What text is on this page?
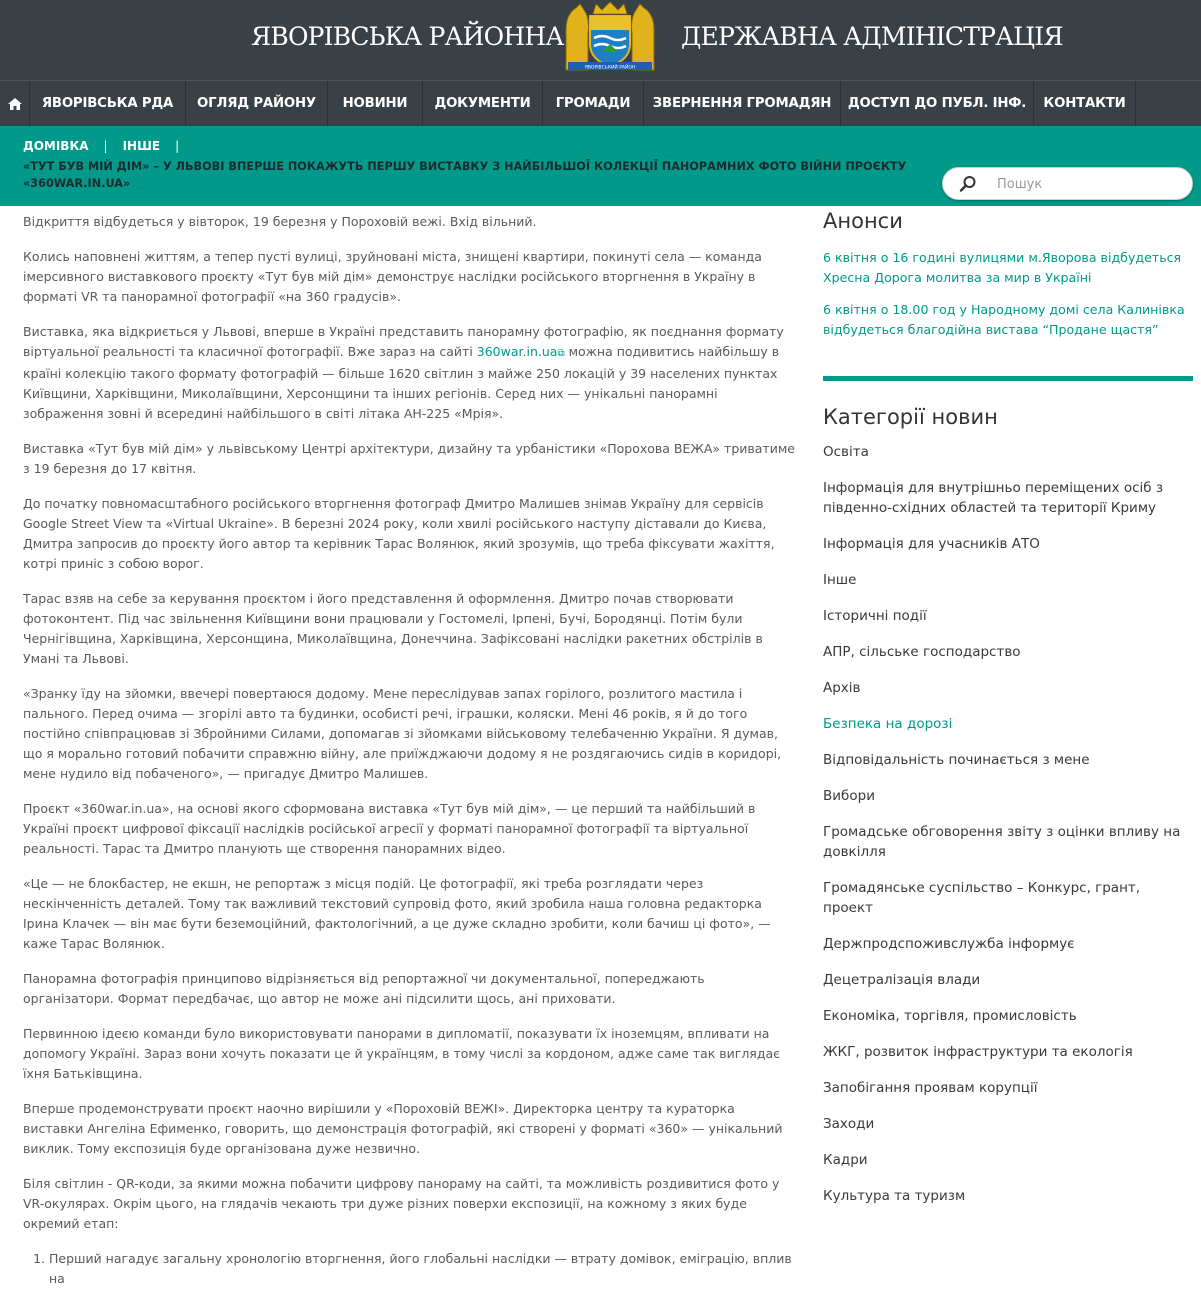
ЯВОРІВСЬКА РАЙОННА
ЯВОРІВСЬКИЙ РАЙОН
ДЕРЖАВНА АДМІНІСТРАЦІЯ
ЯВОРІВСЬКА РДА	ОГЛЯД РАЙОНУ	НОВИНИ	ДОКУМЕНТИ	ГРОМАДИ	ЗВЕРНЕННЯ ГРОМАДЯН	ДОСТУП ДО ПУБЛ. ІНФ.	КОНТАКТИ
ДОМІВКА | ІНШЕ |
«ТУТ БУВ МІЙ ДІМ» – У ЛЬВОВІ ВПЕРШЕ ПОКАЖУТЬ ПЕРШУ ВИСТАВКУ З НАЙБІЛЬШОЇ КОЛЕКЦІЇ ПАНОРАМНИХ ФОТО ВІЙНИ ПРОЄКТУ «360WAR.IN.UA»
Пошук

Відкриття відбудеться у вівторок, 19 березня у Пороховій вежі. Вхід вільний.

Колись наповнені життям, а тепер пусті вулиці, зруйновані міста, знищені квартири, покинуті села — команда імерсивного виставкового проєкту «Тут був мій дім» демонструє наслідки російського вторгнення в Україну в форматі VR та панорамної фотографії «на 360 градусів».

Виставка, яка відкриється у Львові, вперше в Україні представить панорамну фотографію, як поєднання формату віртуальної реальності та класичної фотографії. Вже зараз на сайті 360war.in.ua⧉ можна подивитись найбільшу в країні колекцію такого формату фотографій — більше 1620 світлин з майже 250 локацій у 39 населених пунктах Київщини, Харківщини, Миколаївщини, Херсонщини та інших регіонів. Серед них — унікальні панорамні зображення зовні й всередині найбільшого в світі літака АН-225 «Мрія».

Виставка «Тут був мій дім» у львівському Центрі архітектури, дизайну та урбаністики «Порохова ВЕЖА» триватиме з 19 березня до 17 квітня.

До початку повномасштабного російського вторгнення фотограф Дмитро Малишев знімав Україну для сервісів Google Street View та «Virtual Ukraine». В березні 2024 року, коли хвилі російського наступу діставали до Києва, Дмитра запросив до проєкту його автор та керівник Тарас Волянюк, який зрозумів, що треба фіксувати жахіття, котрі приніс з собою ворог.

Тарас взяв на себе за керування проєктом і його представлення й оформлення. Дмитро почав створювати фотоконтент. Під час звільнення Київщини вони працювали у Гостомелі, Ірпені, Бучі, Бородянці. Потім були Чернігівщина, Харківщина, Херсонщина, Миколаївщина, Донеччина. Зафіксовані наслідки ракетних обстрілів в Умані та Львові.

«Зранку їду на зйомки, ввечері повертаюся додому. Мене переслідував запах горілого, розлитого мастила і пального. Перед очима — згорілі авто та будинки, особисті речі, іграшки, коляски. Мені 46 років, я й до того постійно співпрацював зі Збройними Силами, допомагав зі зйомками військовому телебаченню України. Я думав, що я морально готовий побачити справжню війну, але приїжджаючи додому я не роздягаючись сидів в коридорі, мене нудило від побаченого», — пригадує Дмитро Малишев.

Проєкт «360war.in.ua», на основі якого сформована виставка «Тут був мій дім», — це перший та найбільший в Україні проєкт цифрової фіксації наслідків російської агресії у форматі панорамної фотографії та віртуальної реальності. Тарас та Дмитро планують ще створення панорамних відео.

«Це — не блокбастер, не екшн, не репортаж з місця подій. Це фотографії, які треба розглядати через нескінченність деталей. Тому так важливий текстовий супровід фото, який зробила наша головна редакторка Ірина Клачек — він має бути беземоційний, фактологічний, а це дуже складно зробити, коли бачиш ці фото», — каже Тарас Волянюк.

Панорамна фотографія принципово відрізняється від репортажної чи документальної, попереджають організатори. Формат передбачає, що автор не може ані підсилити щось, ані приховати.

Первинною ідеєю команди було використовувати панорами в дипломатії, показувати їх іноземцям, впливати на допомогу Україні. Зараз вони хочуть показати це й українцям, в тому числі за кордоном, адже саме так виглядає їхня Батьківщина.

Вперше продемонструвати проєкт наочно вирішили у «Пороховій ВЕЖІ». Директорка центру та кураторка виставки Ангеліна Ефименко, говорить, що демонстрація фотографій, які створені у форматі «360» — унікальний виклик. Тому експозиція буде організована дуже незвично.

Біля світлин - QR-коди, за якими можна побачити цифрову панораму на сайті, та можливість роздивитися фото у VR-окулярах. Окрім цього, на глядачів чекають три дуже різних поверхи експозиції, на кожному з яких буде окремий етап:

1. Перший нагадує загальну хронологію вторгнення, його глобальні наслідки — втрату домівок, еміграцію, вплив на
Анонси
6 квітня о 16 годині вулицями м.Яворова відбудеться Хресна Дорога молитва за мир в Україні
6 квітня о 18.00 год у Народному домі села Калинівка відбудеться благодійна вистава “Продане щастя”
Категорії новин
Освіта
Інформація для внутрішньо переміщених осіб з південно-східних областей та території Криму
Інформація для учасників АТО
Інше
Історичні події
АПР, сільське господарство
Архів
Безпека на дорозі
Відповідальність починається з мене
Вибори
Громадське обговорення звіту з оцінки впливу на довкілля
Громадянське суспільство – Конкурс, грант, проект
Держпродспоживслужба інформує
Децетралізація влади
Економіка, торгівля, промисловість
ЖКГ, розвиток інфраструктури та екологія
Запобігання проявам корупції
Заходи
Кадри
Культура та туризм
